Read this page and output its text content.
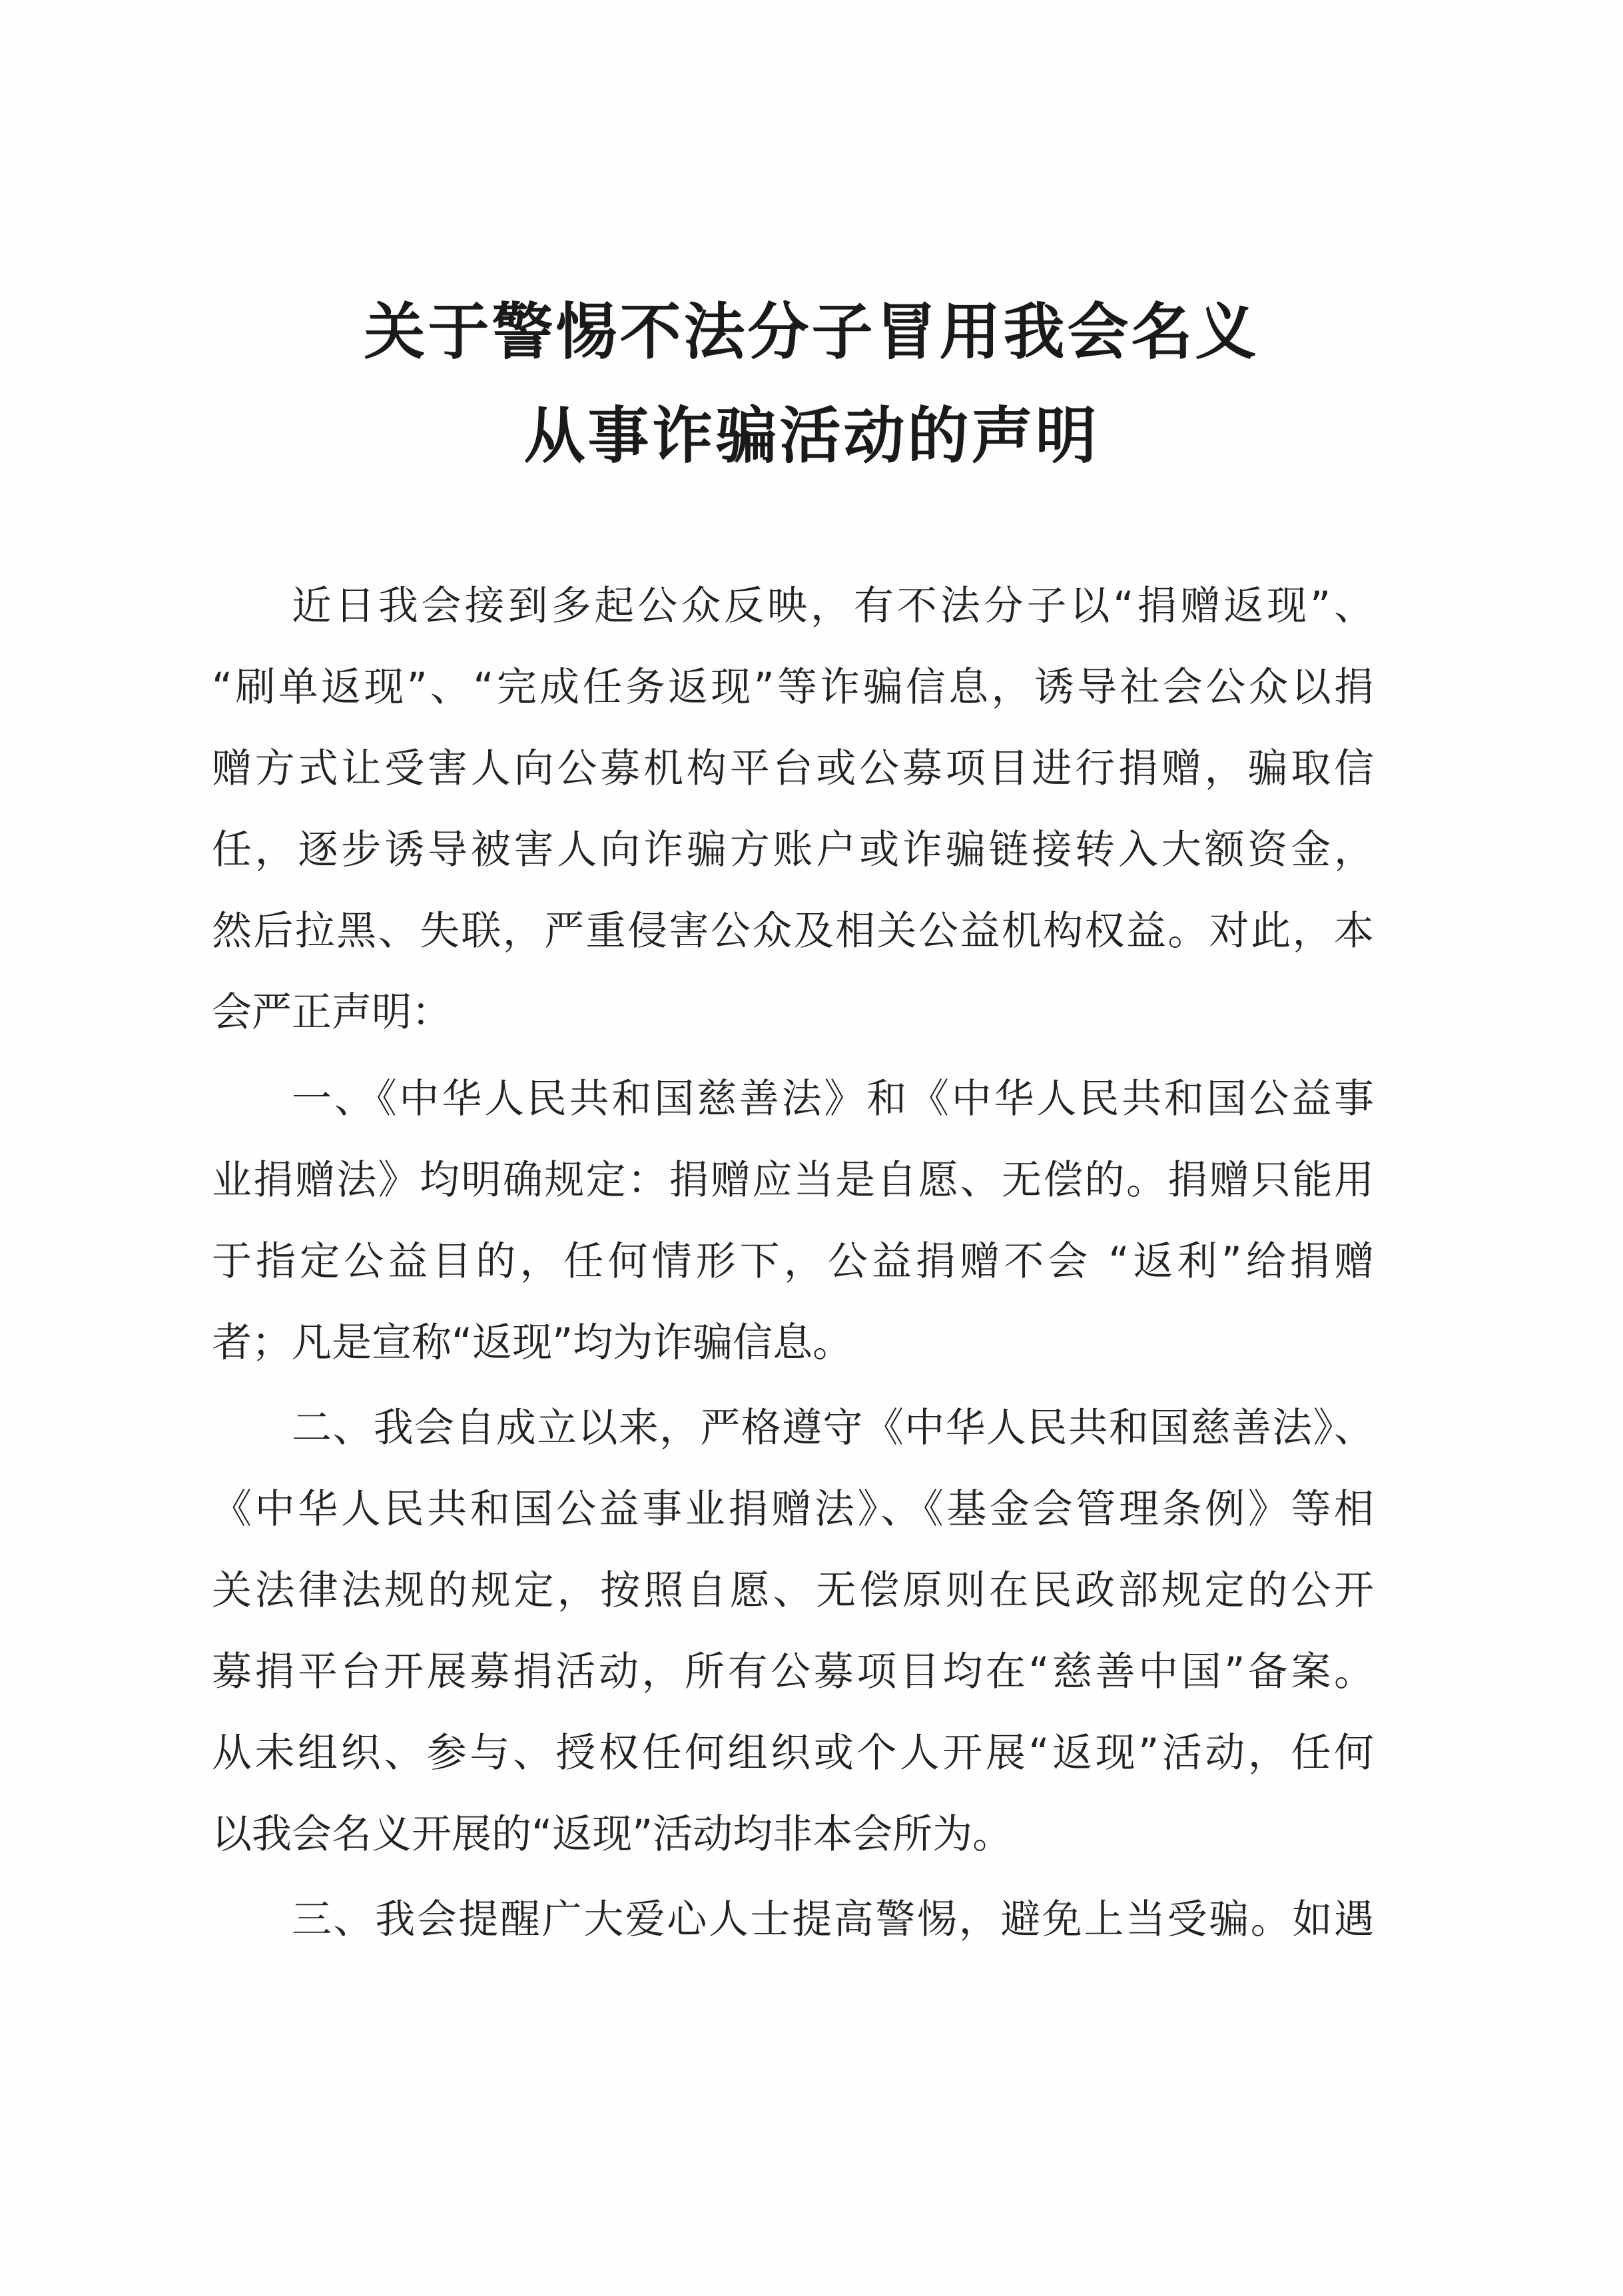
关于警惕不法分子冒用我会名义
从事诈骗活动的声明
近日我会接到多起公众反映，有不法分子以“捐赠返现”、
“刷单返现”、“完成任务返现”等诈骗信息，诱导社会公众以捐
赠方式让受害人向公募机构平台或公募项目进行捐赠，骗取信
任，逐步诱导被害人向诈骗方账户或诈骗链接转入大额资金，
然后拉黑、失联，严重侵害公众及相关公益机构权益。对此，本
会严正声明：
一、《中华人民共和国慈善法》和《中华人民共和国公益事
业捐赠法》均明确规定：捐赠应当是自愿、无偿的。捐赠只能用
于指定公益目的，任何情形下，公益捐赠不会 “返利”给捐赠
者；凡是宣称“返现”均为诈骗信息。
二、我会自成立以来，严格遵守《中华人民共和国慈善法》、
《中华人民共和国公益事业捐赠法》、《基金会管理条例》等相
关法律法规的规定，按照自愿、无偿原则在民政部规定的公开
募捐平台开展募捐活动，所有公募项目均在“慈善中国”备案。
从未组织、参与、授权任何组织或个人开展“返现”活动，任何
以我会名义开展的“返现”活动均非本会所为。
三、我会提醒广大爱心人士提高警惕，避免上当受骗。如遇
